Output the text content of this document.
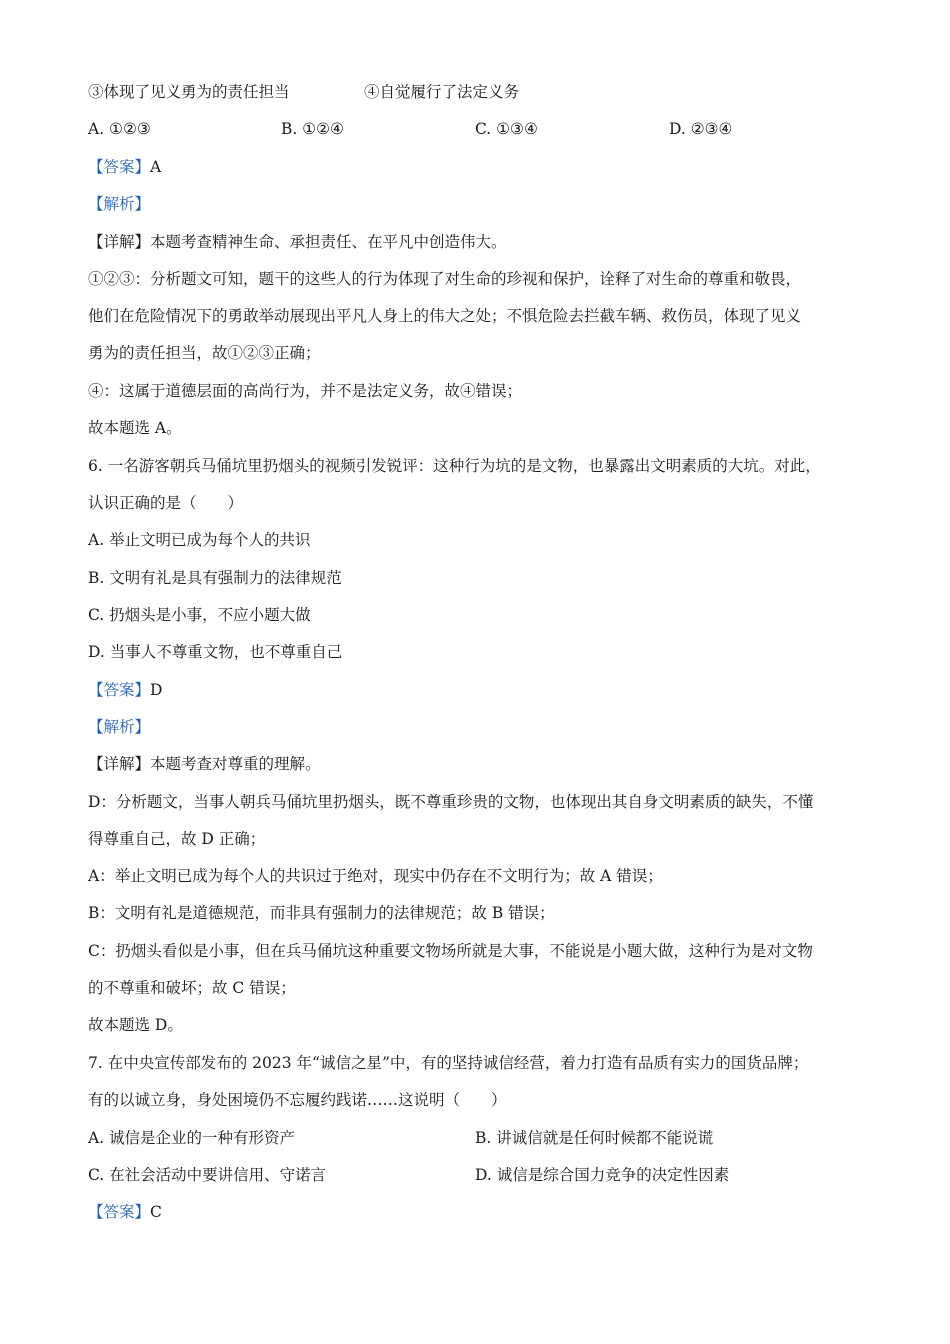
③体现了见义勇为的责任担当	④自觉履行了法定义务
A. ①②③	B. ①②④	C. ①③④	D. ②③④
【答案】A
【解析】
【详解】本题考查精神生命、承担责任、在平凡中创造伟大。
①②③：分析题文可知，题干的这些人的行为体现了对生命的珍视和保护，诠释了对生命的尊重和敬畏，
他们在危险情况下的勇敢举动展现出平凡人身上的伟大之处；不惧危险去拦截车辆、救伤员，体现了见义
勇为的责任担当，故①②③正确；
④：这属于道德层面的高尚行为，并不是法定义务，故④错误；
故本题选 A。
6. 一名游客朝兵马俑坑里扔烟头的视频引发锐评：这种行为坑的是文物，也暴露出文明素质的大坑。对此，
认识正确的是（　　）
A. 举止文明已成为每个人的共识
B. 文明有礼是具有强制力的法律规范
C. 扔烟头是小事，不应小题大做
D. 当事人不尊重文物，也不尊重自己
【答案】D
【解析】
【详解】本题考查对尊重的理解。
D：分析题文，当事人朝兵马俑坑里扔烟头，既不尊重珍贵的文物，也体现出其自身文明素质的缺失，不懂
得尊重自己，故 D 正确；
A：举止文明已成为每个人的共识过于绝对，现实中仍存在不文明行为；故 A 错误；
B：文明有礼是道德规范，而非具有强制力的法律规范；故 B 错误；
C：扔烟头看似是小事，但在兵马俑坑这种重要文物场所就是大事，不能说是小题大做，这种行为是对文物
的不尊重和破坏；故 C 错误；
故本题选 D。
7. 在中央宣传部发布的 2023 年“诚信之星”中，有的坚持诚信经营，着力打造有品质有实力的国货品牌；
有的以诚立身，身处困境仍不忘履约践诺……这说明（　　）
A. 诚信是企业的一种有形资产	B. 讲诚信就是任何时候都不能说谎
C. 在社会活动中要讲信用、守诺言	D. 诚信是综合国力竞争的决定性因素
【答案】C
